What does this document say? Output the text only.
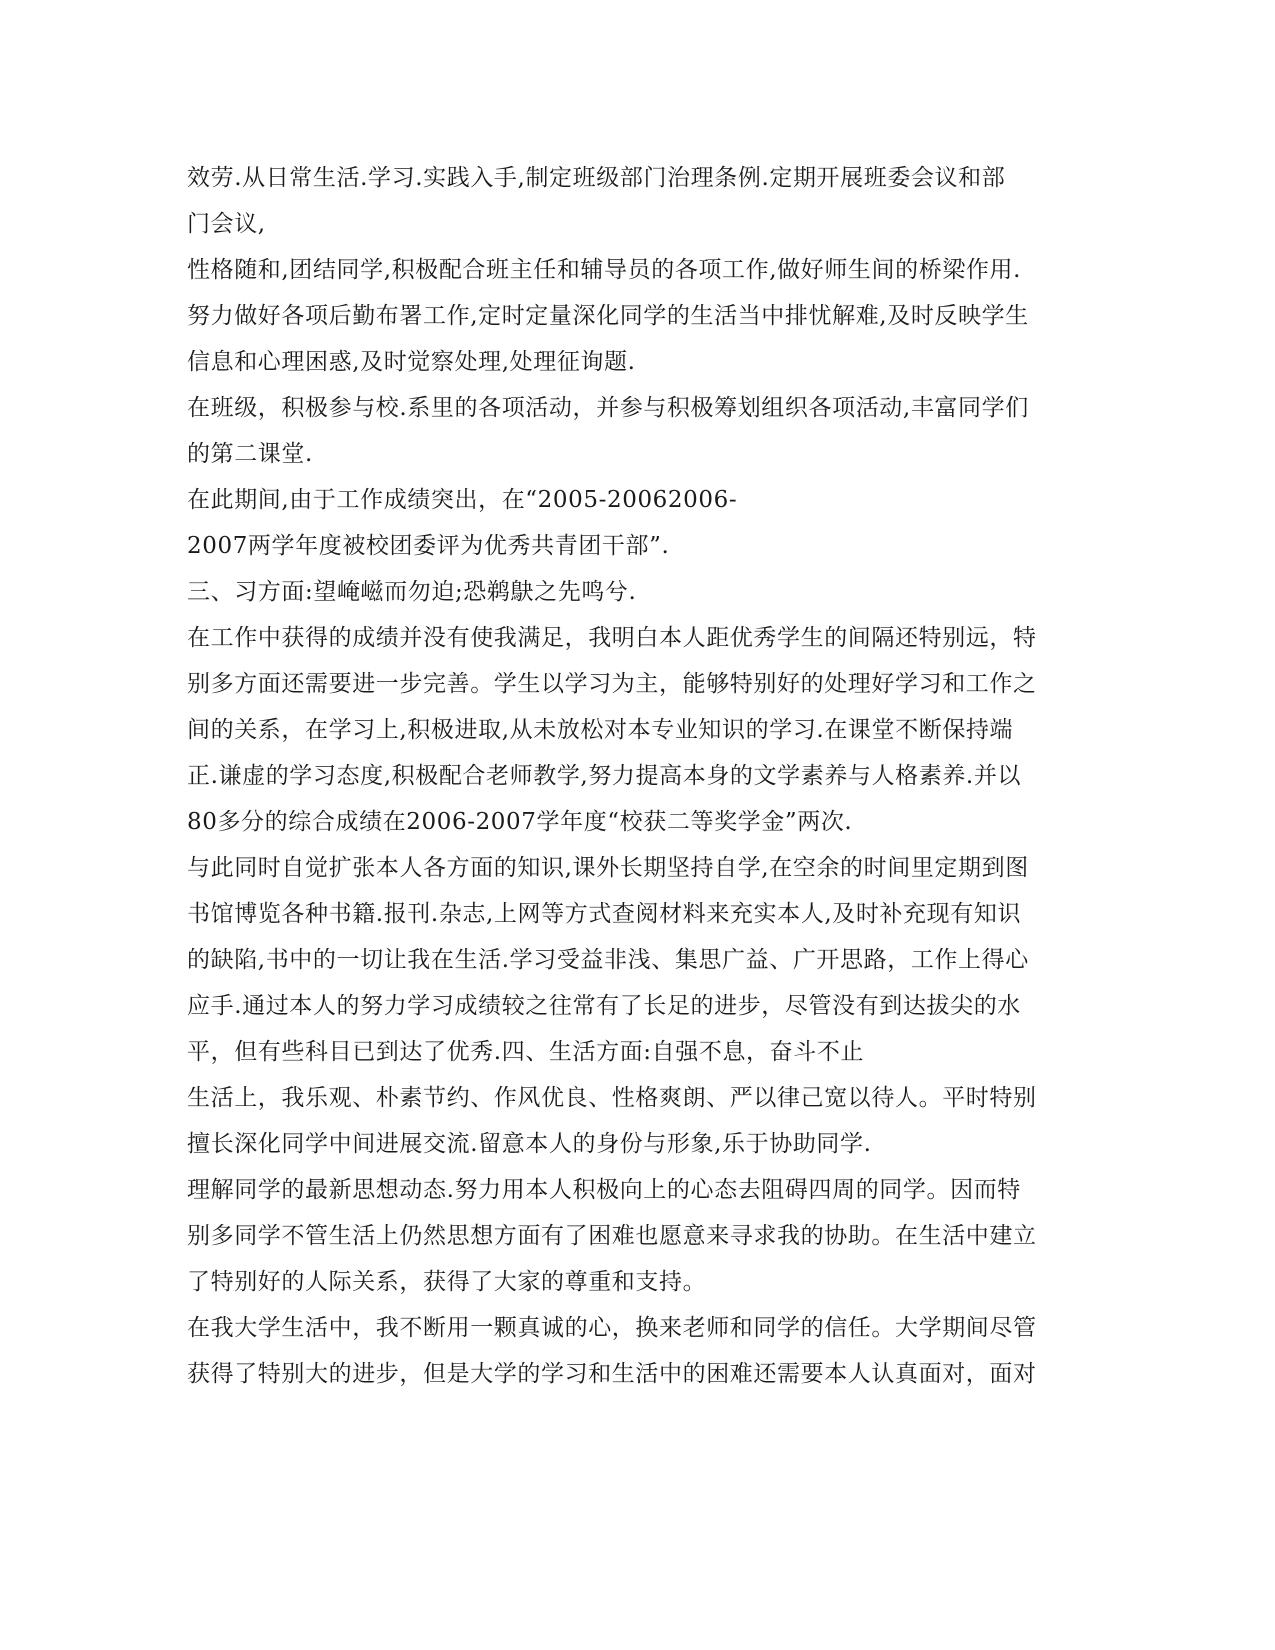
效劳.从日常生活.学习.实践入手,制定班级部门治理条例.定期开展班委会议和部
门会议,
性格随和,团结同学,积极配合班主任和辅导员的各项工作,做好师生间的桥梁作用.
努力做好各项后勤布署工作,定时定量深化同学的生活当中排忧解难,及时反映学生
信息和心理困惑,及时觉察处理,处理征询题.
在班级，积极参与校.系里的各项活动，并参与积极筹划组织各项活动,丰富同学们
的第二课堂.
在此期间,由于工作成绩突出，在“2005-20062006-
2007两学年度被校团委评为优秀共青团干部”.
三、习方面:望崦嵫而勿迫;恐鹈鴃之先鸣兮.
在工作中获得的成绩并没有使我满足，我明白本人距优秀学生的间隔还特别远，特
别多方面还需要进一步完善。学生以学习为主，能够特别好的处理好学习和工作之
间的关系，在学习上,积极进取,从未放松对本专业知识的学习.在课堂不断保持端
正.谦虚的学习态度,积极配合老师教学,努力提高本身的文学素养与人格素养.并以
80多分的综合成绩在2006-2007学年度“校获二等奖学金”两次.
与此同时自觉扩张本人各方面的知识,课外长期坚持自学,在空余的时间里定期到图
书馆博览各种书籍.报刊.杂志,上网等方式查阅材料来充实本人,及时补充现有知识
的缺陷,书中的一切让我在生活.学习受益非浅、集思广益、广开思路，工作上得心
应手.通过本人的努力学习成绩较之往常有了长足的进步，尽管没有到达拔尖的水
平，但有些科目已到达了优秀.四、生活方面:自强不息，奋斗不止
生活上，我乐观、朴素节约、作风优良、性格爽朗、严以律己宽以待人。平时特别
擅长深化同学中间进展交流.留意本人的身份与形象,乐于协助同学.
理解同学的最新思想动态.努力用本人积极向上的心态去阻碍四周的同学。因而特
别多同学不管生活上仍然思想方面有了困难也愿意来寻求我的协助。在生活中建立
了特别好的人际关系，获得了大家的尊重和支持。
在我大学生活中，我不断用一颗真诚的心，换来老师和同学的信任。大学期间尽管
获得了特别大的进步，但是大学的学习和生活中的困难还需要本人认真面对，面对
